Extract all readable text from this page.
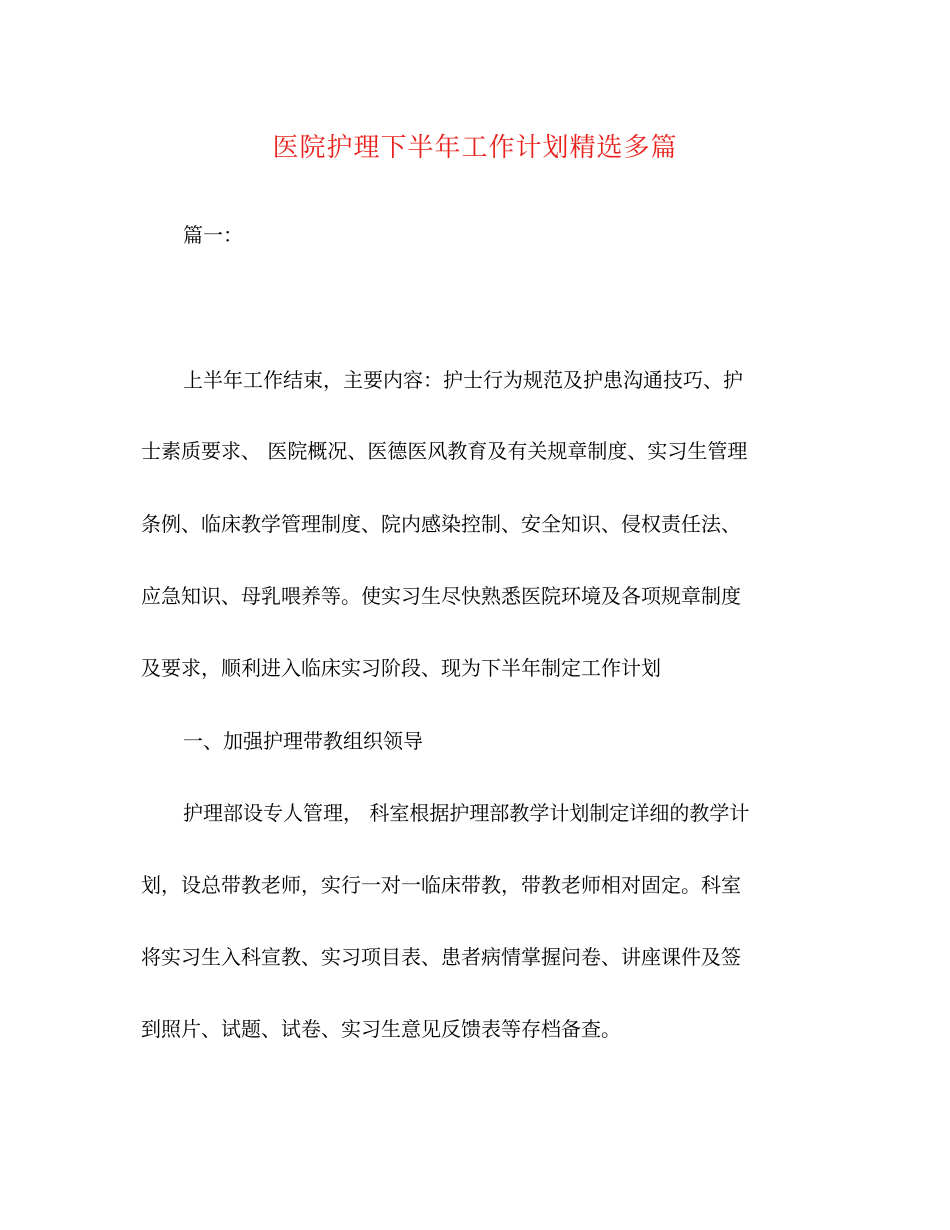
医院护理下半年工作计划精选多篇

篇一：

上半年工作结束，主要内容：护士行为规范及护患沟通技巧、护

士素质要求、 医院概况、医德医风教育及有关规章制度、实习生管理

条例、临床教学管理制度、院内感染控制、安全知识、侵权责任法、

应急知识、母乳喂养等。使实习生尽快熟悉医院环境及各项规章制度

及要求，顺利进入临床实习阶段、现为下半年制定工作计划

一、加强护理带教组织领导

护理部设专人管理， 科室根据护理部教学计划制定详细的教学计

划，设总带教老师，实行一对一临床带教，带教老师相对固定。科室

将实习生入科宣教、实习项目表、患者病情掌握问卷、讲座课件及签

到照片、试题、试卷、实习生意见反馈表等存档备查。
